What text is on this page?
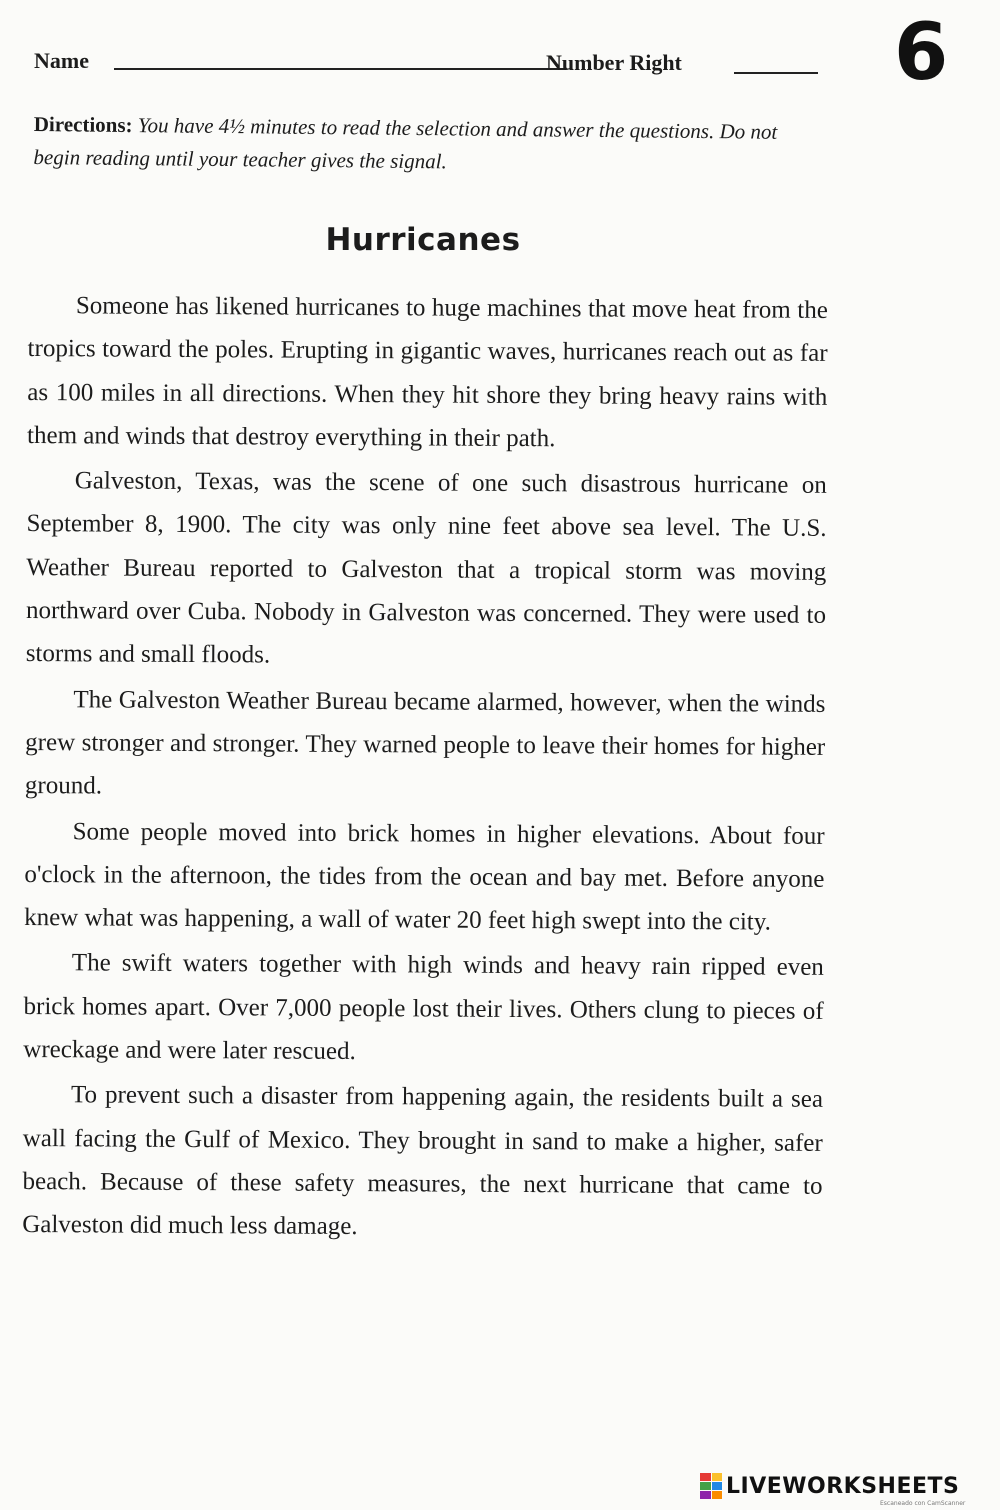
Name	Number Right	6
Directions: You have 4½ minutes to read the selection and answer the questions. Do not begin reading until your teacher gives the signal.
Hurricanes

Someone has likened hurricanes to huge machines that move heat from the tropics toward the poles. Erupting in gigantic waves, hurricanes reach out as far as 100 miles in all directions. When they hit shore they bring heavy rains with them and winds that destroy everything in their path.

Galveston, Texas, was the scene of one such disastrous hurricane on September 8, 1900. The city was only nine feet above sea level. The U.S. Weather Bureau reported to Galveston that a tropical storm was moving northward over Cuba. Nobody in Galveston was concerned. They were used to storms and small floods.

The Galveston Weather Bureau became alarmed, however, when the winds grew stronger and stronger. They warned people to leave their homes for higher ground.

Some people moved into brick homes in higher elevations. About four o'clock in the afternoon, the tides from the ocean and bay met. Before anyone knew what was happening, a wall of water 20 feet high swept into the city.

The swift waters together with high winds and heavy rain ripped even brick homes apart. Over 7,000 people lost their lives. Others clung to pieces of wreckage and were later rescued.

To prevent such a disaster from happening again, the residents built a sea wall facing the Gulf of Mexico. They brought in sand to make a higher, safer beach. Because of these safety measures, the next hurricane that came to Galveston did much less damage.

LIVEWORKSHEETS
Escaneado con CamScanner
